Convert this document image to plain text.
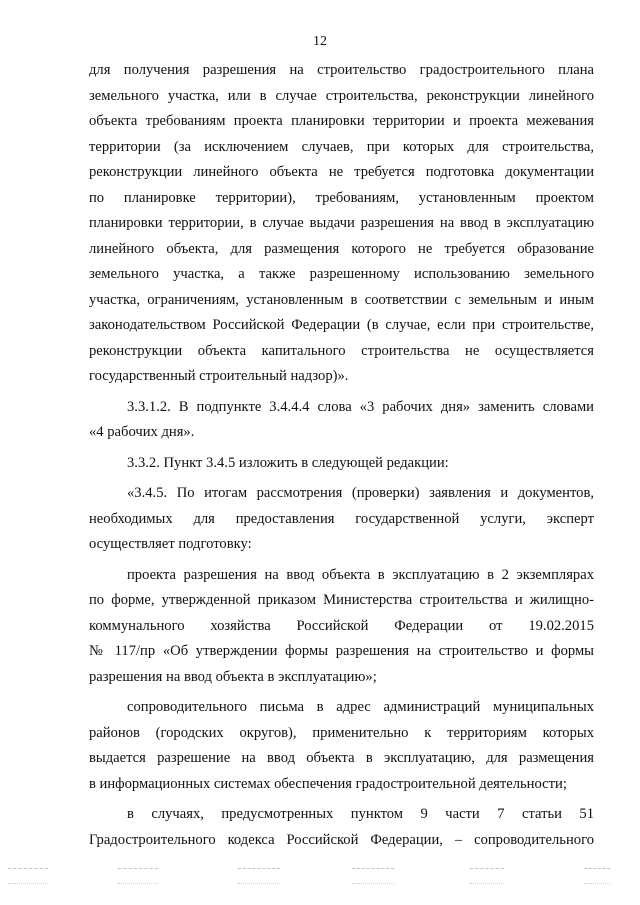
12
для получения разрешения на строительство градостроительного плана
земельного участка, или в случае строительства, реконструкции линейного
объекта требованиям проекта планировки территории и проекта межевания
территории (за исключением случаев, при которых для строительства,
реконструкции линейного объекта не требуется подготовка документации
по планировке территории), требованиям, установленным проектом
планировки территории, в случае выдачи разрешения на ввод в эксплуатацию
линейного объекта, для размещения которого не требуется образование
земельного участка, а также разрешенному использованию земельного
участка, ограничениям, установленным в соответствии с земельным и иным
законодательством Российской Федерации (в случае, если при строительстве,
реконструкции объекта капитального строительства не осуществляется
государственный строительный надзор)».
3.3.1.2. В подпункте 3.4.4.4 слова «3 рабочих дня» заменить словами
«4 рабочих дня».
3.3.2. Пункт 3.4.5 изложить в следующей редакции:
«3.4.5. По итогам рассмотрения (проверки) заявления и документов,
необходимых для предоставления государственной услуги, эксперт
осуществляет подготовку:
проекта разрешения на ввод объекта в эксплуатацию в 2 экземплярах
по форме, утвержденной приказом Министерства строительства и жилищно-
коммунального хозяйства Российской Федерации от 19.02.2015
№ 117/пр «Об утверждении формы разрешения на строительство и формы
разрешения на ввод объекта в эксплуатацию»;
сопроводительного письма в адрес администраций муниципальных
районов (городских округов), применительно к территориям которых
выдается разрешение на ввод объекта в эксплуатацию, для размещения
в информационных системах обеспечения градостроительной деятельности;
в случаях, предусмотренных пунктом 9 части 7 статьи 51
Градостроительного кодекса Российской Федерации, – сопроводительного
